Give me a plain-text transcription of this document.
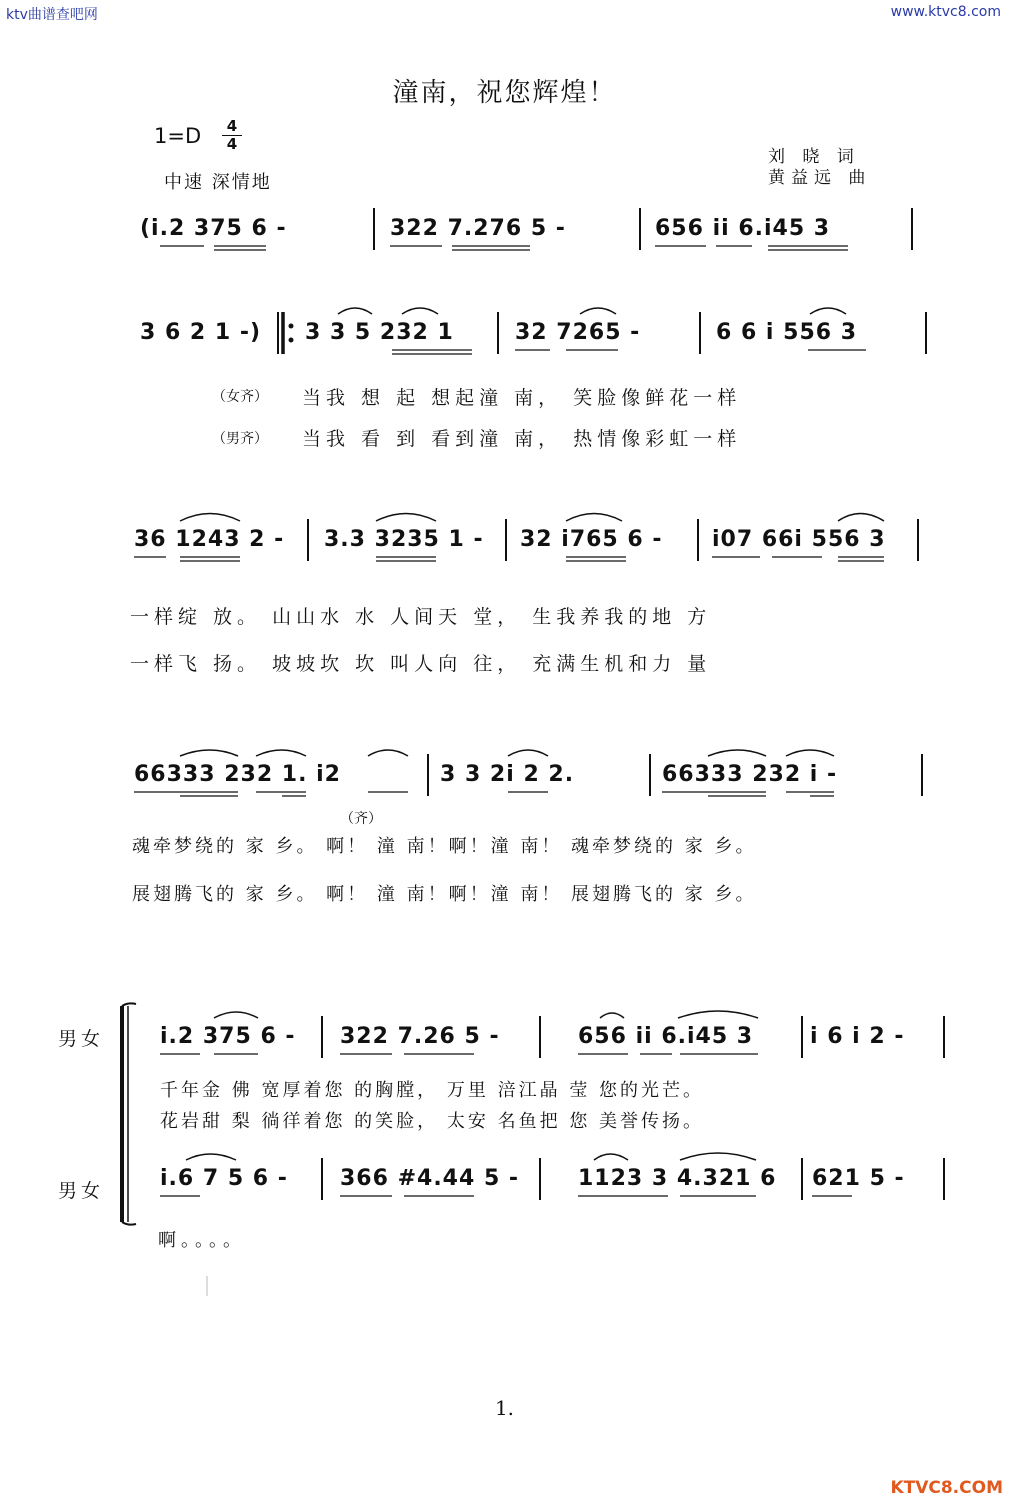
ktv曲谱查吧网	www.ktvc8.com
潼南，祝您辉煌！
1=D	4
4
中速 深情地
刘 晓 词
黄益远 曲
(i.2 375 6 -	322 7.276 5 -	656 ii 6.i45 3
3 6 2 1 -) 3 3 5 232 1	32 7265 -	6 6 i 556 3
（女齐） 当我 想 起 想起潼 南， 笑脸像鲜花一样
（男齐） 当我 看 到 看到潼 南， 热情像彩虹一样
36 1243 2 - 3.3 3235 1 - 32 i765 6 - i07 66i 556 3
一样绽 放。 山山水 水 人间天 堂， 生我养我的地 方
一样飞 扬。 坡坡坎 坎 叫人向 往， 充满生机和力 量
66333 232 1. i2	3 3 2i 2 2.	66333 232 i -
（齐）
魂牵梦绕的 家 乡。 啊！ 潼 南！啊！潼 南！ 魂牵梦绕的 家 乡。
展翅腾飞的 家 乡。 啊！ 潼 南！啊！潼 南！ 展翅腾飞的 家 乡。
男女	i.2 375 6 - 322 7.26 5 -	656 ii 6.i45 3	i 6 i 2 -
千年金 佛 宽厚着您 的胸膛， 万里 涪江晶 莹 您的光芒。
花岩甜 梨 徜徉着您 的笑脸， 太安 名鱼把 您 美誉传扬。
男女	i.6 7 5 6 - 366 #4.44 5 -	1123 3 4.321 6 621 5 -
啊。。。。
1.
KTVC8.COM
